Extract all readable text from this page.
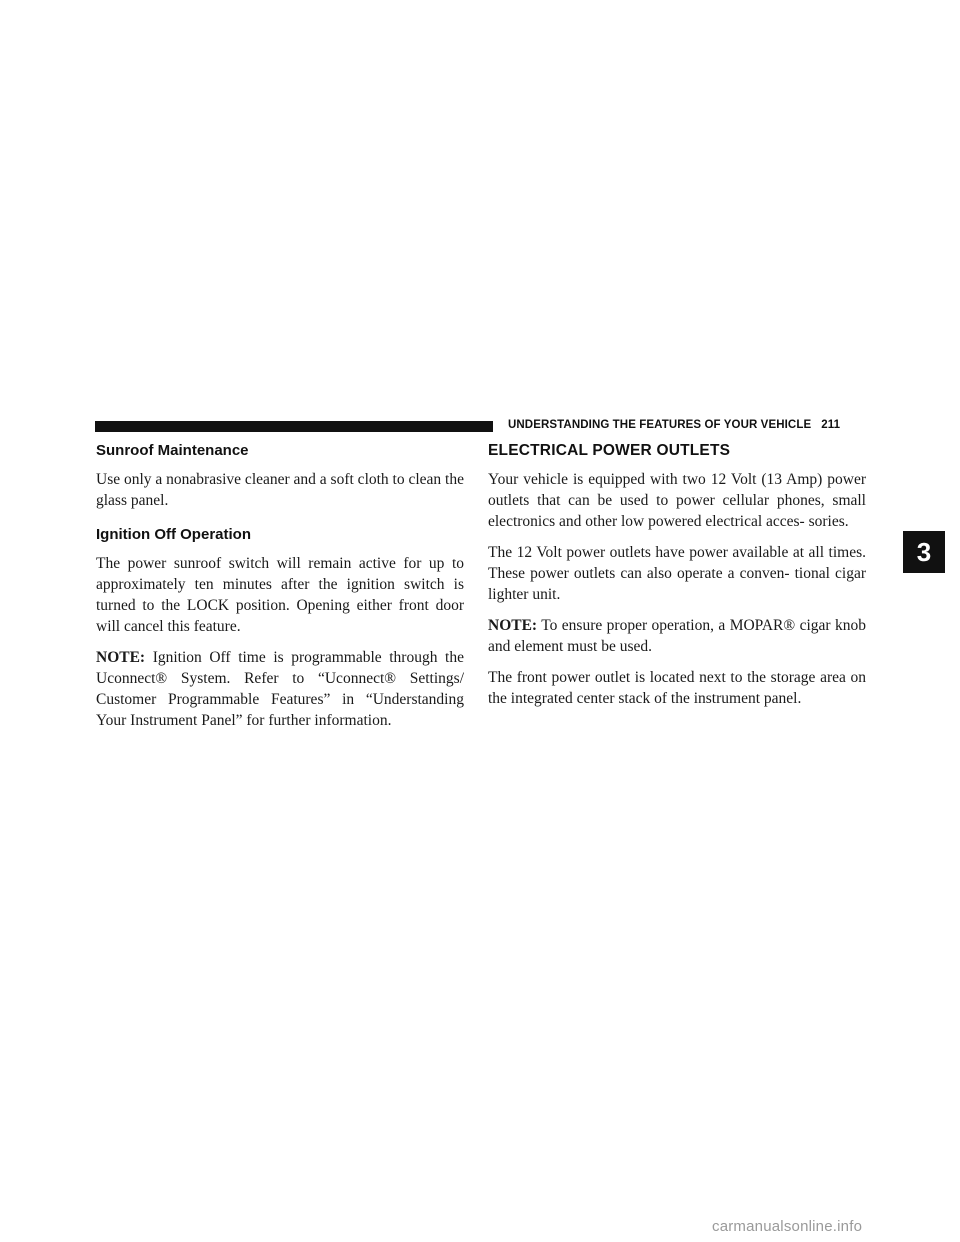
UNDERSTANDING THE FEATURES OF YOUR VEHICLE 211
Sunroof Maintenance

Use only a nonabrasive cleaner and a soft cloth to clean the glass panel.

Ignition Off Operation

The power sunroof switch will remain active for up to approximately ten minutes after the ignition switch is turned to the LOCK position. Opening either front door will cancel this feature.

NOTE: Ignition Off time is programmable through the Uconnect® System. Refer to “Uconnect® Settings/ Customer Programmable Features” in “Understanding Your Instrument Panel” for further information.

ELECTRICAL POWER OUTLETS

Your vehicle is equipped with two 12 Volt (13 Amp) power outlets that can be used to power cellular phones, small electronics and other low powered electrical acces- sories.

The 12 Volt power outlets have power available at all times. These power outlets can also operate a conven- tional cigar lighter unit.

NOTE: To ensure proper operation, a MOPAR® cigar knob and element must be used.

The front power outlet is located next to the storage area on the integrated center stack of the instrument panel.

3
carmanualsonline.info
